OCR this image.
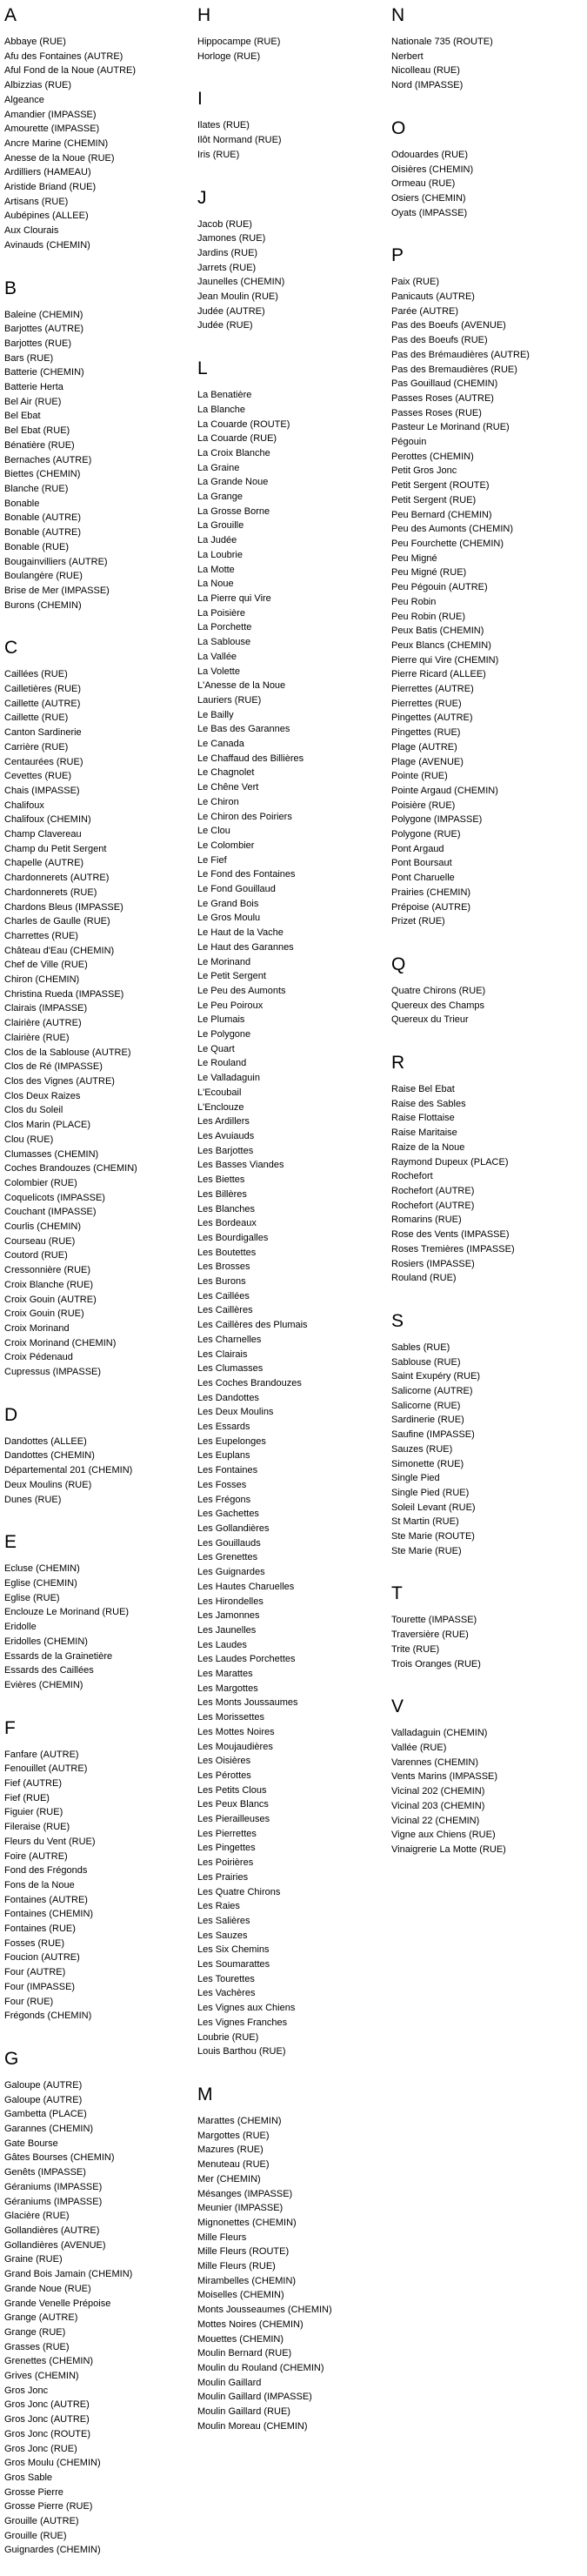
A
Abbaye (RUE)
Afu des Fontaines (AUTRE)
Aful Fond de la Noue (AUTRE)
Albizzias (RUE)
Algeance
Amandier (IMPASSE)
Amourette (IMPASSE)
Ancre Marine (CHEMIN)
Anesse de la Noue (RUE)
Ardilliers (HAMEAU)
Aristide Briand (RUE)
Artisans (RUE)
Aubépines (ALLEE)
Aux Clourais
Avinauds (CHEMIN)
B
Baleine (CHEMIN)
Barjottes (AUTRE)
Barjottes (RUE)
Bars (RUE)
Batterie (CHEMIN)
Batterie Herta
Bel Air (RUE)
Bel Ebat
Bel Ebat (RUE)
Bénatière (RUE)
Bernaches (AUTRE)
Biettes (CHEMIN)
Blanche (RUE)
Bonable
Bonable (AUTRE)
Bonable (AUTRE)
Bonable (RUE)
Bougainvilliers (AUTRE)
Boulangère (RUE)
Brise de Mer (IMPASSE)
Burons (CHEMIN)
C
Caillées (RUE)
Cailletières (RUE)
Caillette (AUTRE)
Caillette (RUE)
Canton Sardinerie
Carrière (RUE)
Centaurées (RUE)
Cevettes (RUE)
Chais (IMPASSE)
Chalifoux
Chalifoux (CHEMIN)
Champ Clavereau
Champ du Petit Sergent
Chapelle (AUTRE)
Chardonnerets (AUTRE)
Chardonnerets (RUE)
Chardons Bleus (IMPASSE)
Charles de Gaulle (RUE)
Charrettes (RUE)
Château d'Eau (CHEMIN)
Chef de Ville (RUE)
Chiron (CHEMIN)
Christina Rueda (IMPASSE)
Clairais (IMPASSE)
Clairière (AUTRE)
Clairière (RUE)
Clos de la Sablouse (AUTRE)
Clos de Ré (IMPASSE)
Clos des Vignes (AUTRE)
Clos Deux Raizes
Clos du Soleil
Clos Marin (PLACE)
Clou (RUE)
Clumasses (CHEMIN)
Coches Brandouzes (CHEMIN)
Colombier (RUE)
Coquelicots (IMPASSE)
Couchant (IMPASSE)
Courlis (CHEMIN)
Courseau (RUE)
Coutord (RUE)
Cressonnière (RUE)
Croix Blanche (RUE)
Croix Gouin (AUTRE)
Croix Gouin (RUE)
Croix Morinand
Croix Morinand (CHEMIN)
Croix Pédenaud
Cupressus (IMPASSE)
D
Dandottes (ALLEE)
Dandottes (CHEMIN)
Départemental 201 (CHEMIN)
Deux Moulins (RUE)
Dunes (RUE)
E
Ecluse (CHEMIN)
Eglise (CHEMIN)
Eglise (RUE)
Enclouze Le Morinand (RUE)
Eridolle
Eridolles (CHEMIN)
Essards de la Grainetière
Essards des Caillées
Evières (CHEMIN)
F
Fanfare (AUTRE)
Fenouillet (AUTRE)
Fief (AUTRE)
Fief (RUE)
Figuier (RUE)
Fileraise (RUE)
Fleurs du Vent (RUE)
Foire (AUTRE)
Fond des Frégonds
Fons de la Noue
Fontaines (AUTRE)
Fontaines (CHEMIN)
Fontaines (RUE)
Fosses (RUE)
Foucion (AUTRE)
Four (AUTRE)
Four (IMPASSE)
Four (RUE)
Frégonds (CHEMIN)
G
Galoupe (AUTRE)
Galoupe (AUTRE)
Gambetta (PLACE)
Garannes (CHEMIN)
Gate Bourse
Gâtes Bourses (CHEMIN)
Genêts (IMPASSE)
Géraniums (IMPASSE)
Géraniums (IMPASSE)
Glacière (RUE)
Gollandières (AUTRE)
Gollandières (AVENUE)
Graine (RUE)
Grand Bois Jamain (CHEMIN)
Grande Noue (RUE)
Grande Venelle Prépoise
Grange (AUTRE)
Grange (RUE)
Grasses (RUE)
Grenettes (CHEMIN)
Grives (CHEMIN)
Gros Jonc
Gros Jonc (AUTRE)
Gros Jonc (AUTRE)
Gros Jonc (ROUTE)
Gros Jonc (RUE)
Gros Moulu (CHEMIN)
Gros Sable
Grosse Pierre
Grosse Pierre (RUE)
Grouille (AUTRE)
Grouille (RUE)
Guignardes (CHEMIN)
H
Hippocampe (RUE)
Horloge (RUE)
I
Ilates (RUE)
Ilôt Normand (RUE)
Iris (RUE)
J
Jacob (RUE)
Jamones (RUE)
Jardins (RUE)
Jarrets (RUE)
Jaunelles (CHEMIN)
Jean Moulin (RUE)
Judée (AUTRE)
Judée (RUE)
L
La Benatière
La Blanche
La Couarde (ROUTE)
La Couarde (RUE)
La Croix Blanche
La Graine
La Grande Noue
La Grange
La Grosse Borne
La Grouille
La Judée
La Loubrie
La Motte
La Noue
La Pierre qui Vire
La Poisière
La Porchette
La Sablouse
La Vallée
La Volette
L'Anesse de la Noue
Lauriers (RUE)
Le Bailly
Le Bas des Garannes
Le Canada
Le Chaffaud des Billières
Le Chagnolet
Le Chêne Vert
Le Chiron
Le Chiron des Poiriers
Le Clou
Le Colombier
Le Fief
Le Fond des Fontaines
Le Fond Gouillaud
Le Grand Bois
Le Gros Moulu
Le Haut de la Vache
Le Haut des Garannes
Le Morinand
Le Petit Sergent
Le Peu des Aumonts
Le Peu Poiroux
Le Plumais
Le Polygone
Le Quart
Le Rouland
Le Valladaguin
L'Ecoubail
L'Enclouze
Les Ardillers
Les Avuiauds
Les Barjottes
Les Basses Viandes
Les Biettes
Les Billères
Les Blanches
Les Bordeaux
Les Bourdigalles
Les Boutettes
Les Brosses
Les Burons
Les Caillées
Les Caillères
Les Caillères des Plumais
Les Charnelles
Les Clairais
Les Clumasses
Les Coches Brandouzes
Les Dandottes
Les Deux Moulins
Les Essards
Les Eupelonges
Les Euplans
Les Fontaines
Les Fosses
Les Frégons
Les Gachettes
Les Gollandières
Les Gouillauds
Les Grenettes
Les Guignardes
Les Hautes Charuelles
Les Hirondelles
Les Jamonnes
Les Jaunelles
Les Laudes
Les Laudes Porchettes
Les Marattes
Les Margottes
Les Monts Joussaumes
Les Morissettes
Les Mottes Noires
Les Moujaudières
Les Oisières
Les Pérottes
Les Petits Clous
Les Peux Blancs
Les Pierailleuses
Les Pierrettes
Les Pingettes
Les Poirières
Les Prairies
Les Quatre Chirons
Les Raies
Les Salières
Les Sauzes
Les Six Chemins
Les Soumarattes
Les Tourettes
Les Vachères
Les Vignes aux Chiens
Les Vignes Franches
Loubrie (RUE)
Louis Barthou (RUE)
M
Marattes (CHEMIN)
Margottes (RUE)
Mazures (RUE)
Menuteau (RUE)
Mer (CHEMIN)
Mésanges (IMPASSE)
Meunier (IMPASSE)
Mignonettes (CHEMIN)
Mille Fleurs
Mille Fleurs (ROUTE)
Mille Fleurs (RUE)
Mirambelles (CHEMIN)
Moiselles (CHEMIN)
Monts Jousseaumes (CHEMIN)
Mottes Noires (CHEMIN)
Mouettes (CHEMIN)
Moulin Bernard (RUE)
Moulin du Rouland (CHEMIN)
Moulin Gaillard
Moulin Gaillard (IMPASSE)
Moulin Gaillard (RUE)
Moulin Moreau (CHEMIN)
N
Nationale 735 (ROUTE)
Nerbert
Nicolleau (RUE)
Nord (IMPASSE)
O
Odouardes (RUE)
Oisières (CHEMIN)
Ormeau (RUE)
Osiers (CHEMIN)
Oyats (IMPASSE)
P
Paix (RUE)
Panicauts (AUTRE)
Parée (AUTRE)
Pas des Boeufs (AVENUE)
Pas des Boeufs (RUE)
Pas des Brémaudières (AUTRE)
Pas des Bremaudières (RUE)
Pas Gouillaud (CHEMIN)
Passes Roses (AUTRE)
Passes Roses (RUE)
Pasteur Le Morinand (RUE)
Pégouin
Perottes (CHEMIN)
Petit Gros Jonc
Petit Sergent (ROUTE)
Petit Sergent (RUE)
Peu Bernard (CHEMIN)
Peu des Aumonts (CHEMIN)
Peu Fourchette (CHEMIN)
Peu Migné
Peu Migné (RUE)
Peu Pégouin (AUTRE)
Peu Robin
Peu Robin (RUE)
Peux Batis (CHEMIN)
Peux Blancs (CHEMIN)
Pierre qui Vire (CHEMIN)
Pierre Ricard (ALLEE)
Pierrettes (AUTRE)
Pierrettes (RUE)
Pingettes (AUTRE)
Pingettes (RUE)
Plage (AUTRE)
Plage (AVENUE)
Pointe (RUE)
Pointe Argaud (CHEMIN)
Poisière (RUE)
Polygone (IMPASSE)
Polygone (RUE)
Pont Argaud
Pont Boursaut
Pont Charuelle
Prairies (CHEMIN)
Prépoise (AUTRE)
Prizet (RUE)
Q
Quatre Chirons (RUE)
Quereux des Champs
Quereux du Trieur
R
Raise Bel Ebat
Raise des Sables
Raise Flottaise
Raise Maritaise
Raize de la Noue
Raymond Dupeux (PLACE)
Rochefort
Rochefort (AUTRE)
Rochefort (AUTRE)
Romarins (RUE)
Rose des Vents (IMPASSE)
Roses Tremières (IMPASSE)
Rosiers (IMPASSE)
Rouland (RUE)
S
Sables (RUE)
Sablouse (RUE)
Saint Exupéry (RUE)
Salicorne (AUTRE)
Salicorne (RUE)
Sardinerie (RUE)
Saufine (IMPASSE)
Sauzes (RUE)
Simonette (RUE)
Single Pied
Single Pied (RUE)
Soleil Levant (RUE)
St Martin (RUE)
Ste Marie (ROUTE)
Ste Marie (RUE)
T
Tourette (IMPASSE)
Traversière (RUE)
Trite (RUE)
Trois Oranges (RUE)
V
Valladaguin (CHEMIN)
Vallée (RUE)
Varennes (CHEMIN)
Vents Marins (IMPASSE)
Vicinal 202 (CHEMIN)
Vicinal 203 (CHEMIN)
Vicinal 22 (CHEMIN)
Vigne aux Chiens (RUE)
Vinaigrerie La Motte (RUE)
